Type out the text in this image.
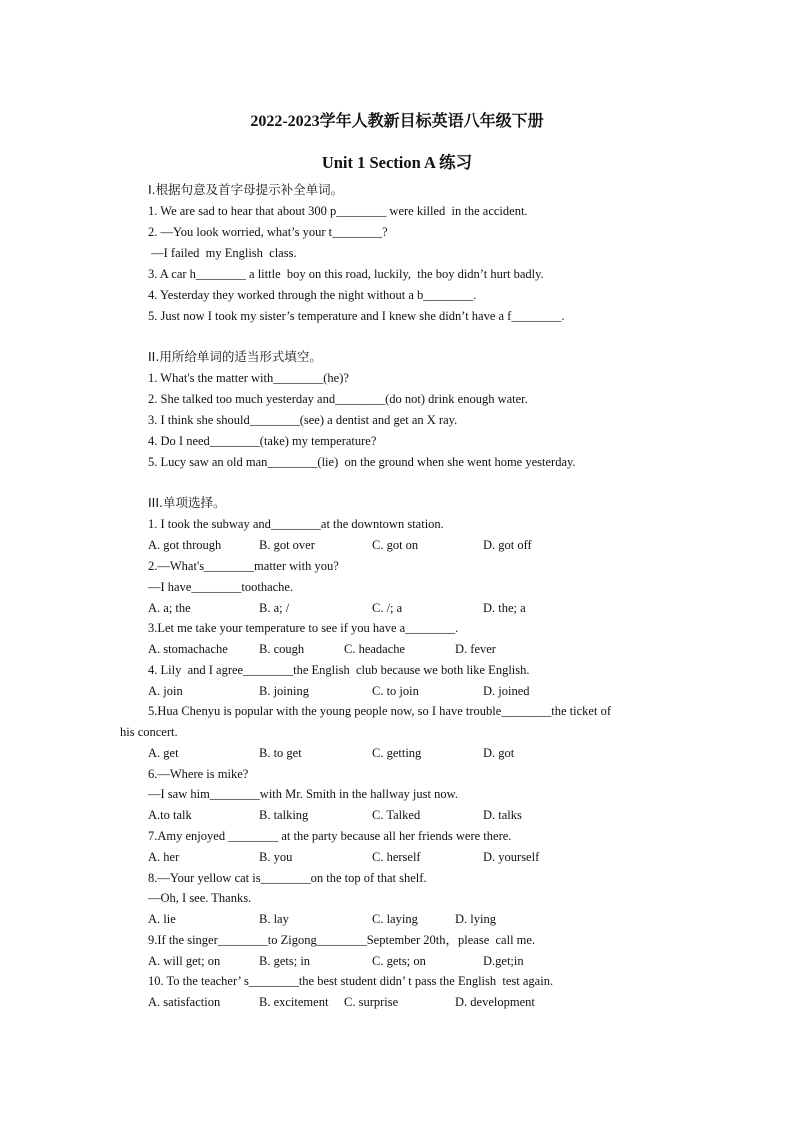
2022-2023学年人教新目标英语八年级下册
Unit 1 Section A 练习
I.根据句意及首字母提示补全单词。
1. We are sad to hear that about 300 p________ were killed  in the accident.
2. —You look worried, what’s your t________?
—I failed  my English  class.
3. A car h________ a little  boy on this road, luckily,  the boy didn’t hurt badly.
4. Yesterday they worked through the night without a b________.
5. Just now I took my sister’s temperature and I knew she didn’t have a f________.
II.用所给单词的适当形式填空。
1. What's the matter with________(he)?
2. She talked too much yesterday and________(do not) drink enough water.
3. I think she should________(see) a dentist and get an X ray.
4. Do I need________(take) my temperature?
5. Lucy saw an old man________(lie)  on the ground when she went home yesterday.
III.单项选择。
1. I took the subway and________at the downtown station.
A. got through	B. got over	C. got on	D. got off
2.—What's________matter with you?
—I have________toothache.
A. a; the	B. a; /	C. /; a	D. the; a
3.Let me take your temperature to see if you have a________.
A. stomachache B. cough	C. headache	D. fever
4. Lily  and I agree________the English  club because we both like English.
A. join	B. joining	C. to join	D. joined
5.Hua Chenyu is popular with the young people now, so I have trouble________the ticket of
his concert.
A. get	B. to get	C. getting	D. got
6.—Where is mike?
—I saw him________with Mr. Smith in the hallway just now.
A.to talk	B. talking	C. Talked	D. talks
7.Amy enjoyed ________ at the party because all her friends were there.
A. her	B. you	C. herself	D. yourself
8.—Your yellow cat is________on the top of that shelf.
—Oh, I see. Thanks.
A. lie	B. lay	C. laying	D. lying
9.If the singer________to Zigong________September 20th，please  call me.
A. will get; on	B. gets; in	C. gets; on	D.get;in
10. To the teacher’ s________the best student didn’ t pass the English  test again.
A. satisfaction	B. excitement C. surprise	D. development
